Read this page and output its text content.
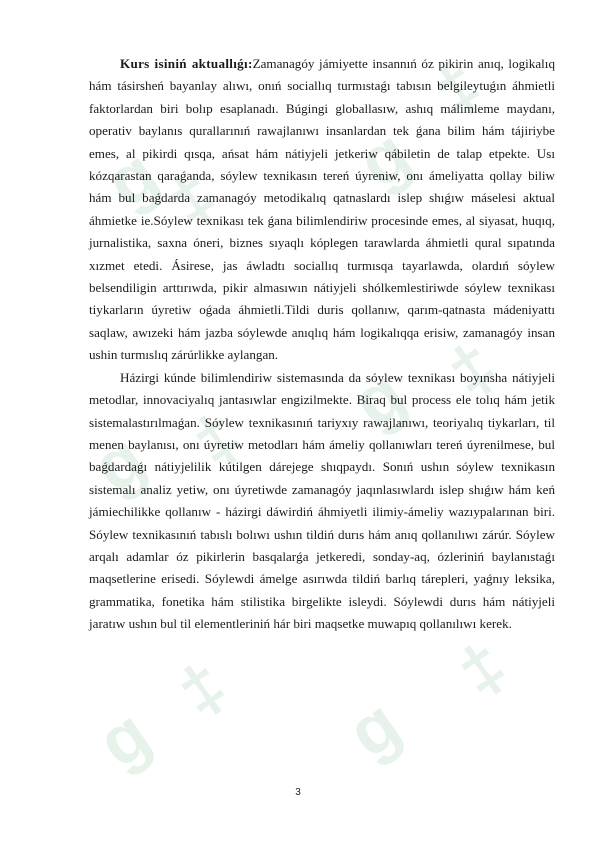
g
‡ g
‡
g ‡ g ‡
g
‡ g
‡

Kurs isiniń aktuallıǵı:Zamanagóy jámiyette insannıń óz pikirin anıq, logikalıq hám tásirsheń bayanlay alıwı, onıń sociallıq turmıstaǵı tabısın belgileytuǵın áhmietli faktorlardan biri bolıp esaplanadı. Búgingi globallasıw, ashıq málimleme maydanı, operativ baylanıs qurallarınıń rawajlanıwı insanlardan tek ǵana bilim hám tájiriybe emes, al pikirdi qısqa, ańsat hám nátiyjeli jetkeriw qábiletin de talap etpekte. Usı kózqarastan qaraǵanda, sóylew texnikasın tereń úyreniw, onı ámeliyatta qollay biliw hám bul baǵdarda zamanagóy metodikalıq qatnaslardı islep shıǵıw máselesi aktual áhmietke ie.Sóylew texnikası tek ǵana bilimlendiriw procesinde emes, al siyasat, huqıq, jurnalistika, saxna óneri, biznes sıyaqlı kóplegen tarawlarda áhmietli qural sıpatında xızmet etedi. Ásirese, jas áwladtı sociallıq turmısqa tayarlawda, olardıń sóylew belsendiligin arttırıwda, pikir almasıwın nátiyjeli shólkemlestiriwde sóylew texnikası tiykarların úyretiw oǵada áhmietli.Tildi duris qollanıw, qarım-qatnasta mádeniyattı saqlaw, awızeki hám jazba sóylewde anıqlıq hám logikalıqqa erisiw, zamanagóy insan ushin turmıslıq zárúrlikke aylangan.

Házirgi kúnde bilimlendiriw sistemasında da sóylew texnikası boyınsha nátiyjeli metodlar, innovaciyalıq jantasıwlar engizilmekte. Biraq bul process ele tolıq hám jetik sistemalastırılmaǵan. Sóylew texnikasınıń tariyxıy rawajlanıwı, teoriyalıq tiykarları, til menen baylanısı, onı úyretiw metodları hám ámeliy qollanıwları tereń úyrenilmese, bul baǵdardaǵı nátiyjelilik kútilgen dárejege shıqpaydı. Sonıń ushın sóylew texnikasın sistemalı analiz yetiw, onı úyretiwde zamanagóy jaqınlasıwlardı islep shıǵıw hám keń jámiechilikke qollanıw - házirgi dáwirdiń áhmiyetli ilimiy-ámeliy wazıypalarınan biri. Sóylew texnikasınıń tabıslı bolıwı ushın tildiń durıs hám anıq qollanılıwı zárúr. Sóylew arqalı adamlar óz pikirlerin basqalarǵa jetkeredi, sonday-aq, ózleriniń baylanıstaǵı maqsetlerine erisedi. Sóylewdi ámelge asırıwda tildiń barlıq tárepleri, yaǵnıy leksika, grammatika, fonetika hám stilistika birgelikte isleydi. Sóylewdi durıs hám nátiyjeli jaratıw ushın bul til elementleriniń hár biri maqsetke muwapıq qollanılıwı kerek.

3
